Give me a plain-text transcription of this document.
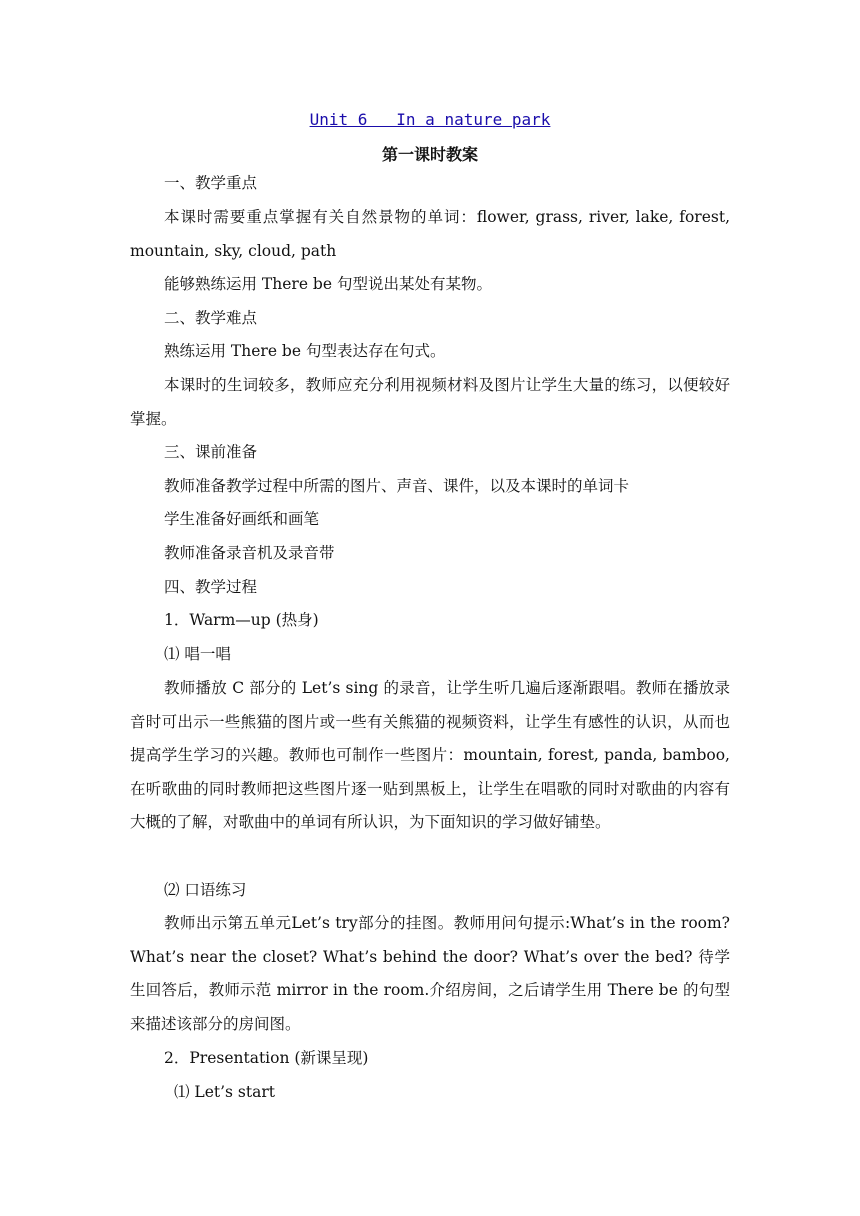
Unit 6   In a nature park
第一课时教案
一、教学重点
本课时需要重点掌握有关自然景物的单词：flower, grass, river, lake, forest, mountain, sky, cloud, path
能够熟练运用 There be 句型说出某处有某物。
二、教学难点
熟练运用 There be 句型表达存在句式。
本课时的生词较多，教师应充分利用视频材料及图片让学生大量的练习，以便较好掌握。
三、课前准备
教师准备教学过程中所需的图片、声音、课件，以及本课时的单词卡
学生准备好画纸和画笔
教师准备录音机及录音带
四、教学过程
1．Warm—up (热身)
⑴ 唱一唱
教师播放 C 部分的 Let’s sing 的录音，让学生听几遍后逐渐跟唱。教师在播放录音时可出示一些熊猫的图片或一些有关熊猫的视频资料，让学生有感性的认识，从而也提高学生学习的兴趣。教师也可制作一些图片：mountain, forest, panda, bamboo,在听歌曲的同时教师把这些图片逐一贴到黑板上，让学生在唱歌的同时对歌曲的内容有大概的了解，对歌曲中的单词有所认识，为下面知识的学习做好铺垫。
⑵ 口语练习
教师出示第五单元Let’s try部分的挂图。教师用问句提示:What’s in the room? What’s near the closet? What’s behind the door? What’s over the bed? 待学生回答后，教师示范 mirror in the room.介绍房间，之后请学生用 There be 的句型来描述该部分的房间图。
2．Presentation (新课呈现)
⑴ Let’s start
